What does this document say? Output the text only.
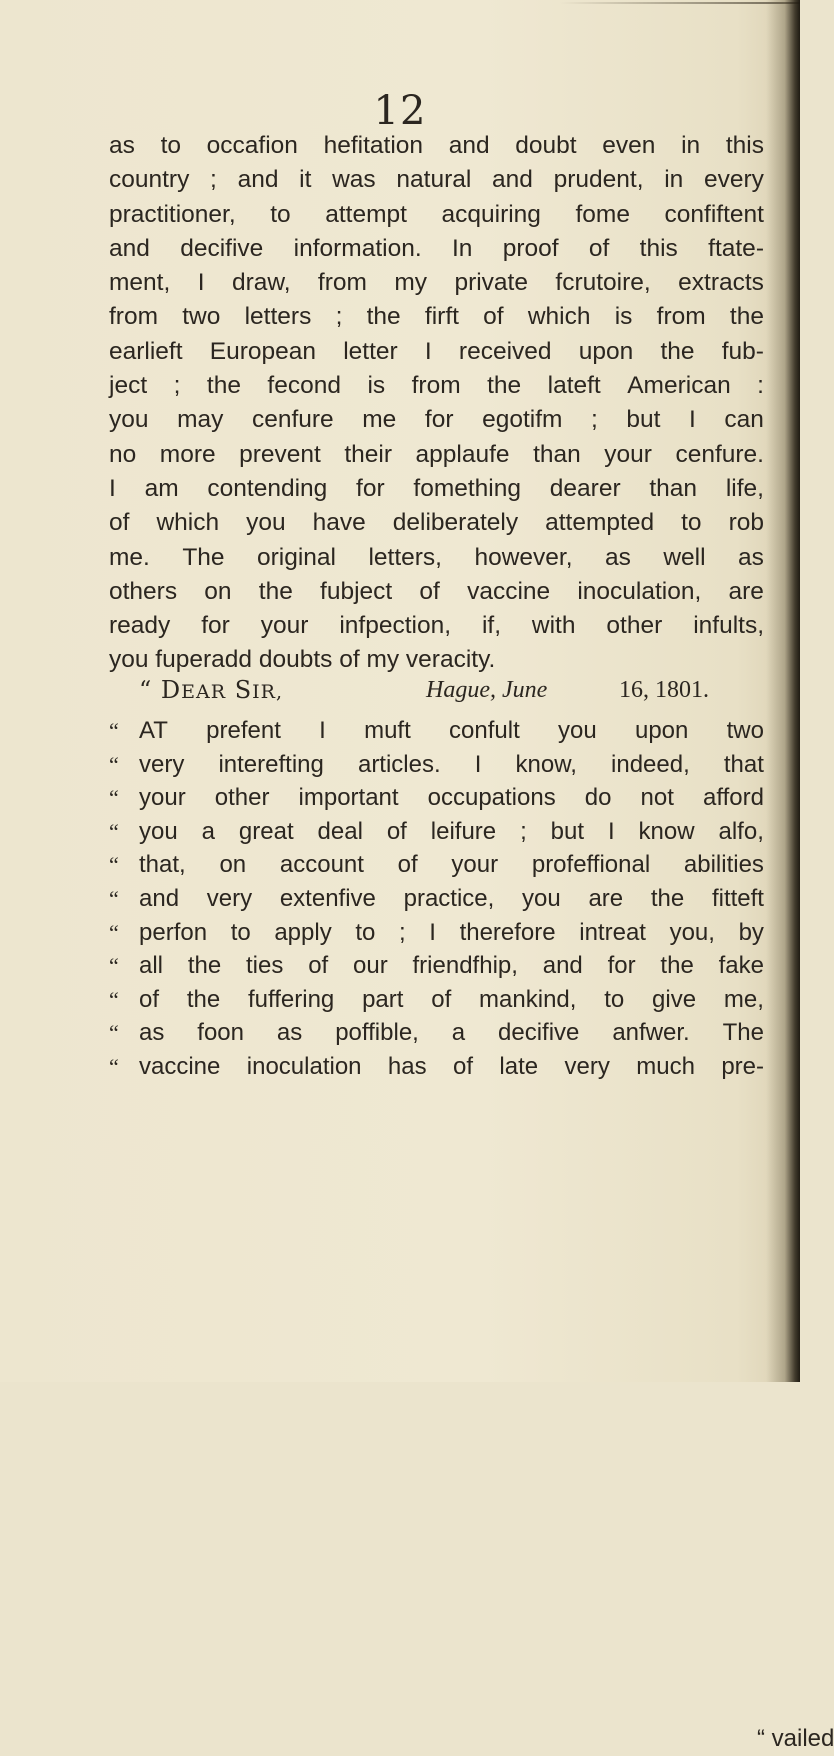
12
as to occafion hefitation and doubt even in this
country ; and it was natural and prudent, in every
practitioner, to attempt acquiring fome confiftent
and decifive information. In proof of this ftate-
ment, I draw, from my private fcrutoire, extracts
from two letters ; the firft of which is from the
earlieft European letter I received upon the fub-
ject ; the fecond is from the lateft American :
you may cenfure me for egotifm ; but I can
no more prevent their applaufe than your cenfure.
I am contending for fomething dearer than life,
of which you have deliberately attempted to rob
me. The original letters, however, as well as
others on the fubject of vaccine inoculation, are
ready for your infpection, if, with other infults,
you fuperadd doubts of my veracity.
“ DEAR SIR,	Hague, June	16, 1801.
“ AT prefent I muft confult you upon two
“ very interefting articles. I know, indeed, that
“ your other important occupations do not afford
“ you a great deal of leifure ; but I know alfo,
“ that, on account of your profeffional abilities
“ and very extenfive practice, you are the fitteft
“ perfon to apply to ; I therefore intreat you, by
“ all the ties of our friendfhip, and for the fake
“ of the fuffering part of mankind, to give me,
“ as foon as poffible, a decifive anfwer. The
“ vaccine inoculation has of late very much pre-
“ vailed
